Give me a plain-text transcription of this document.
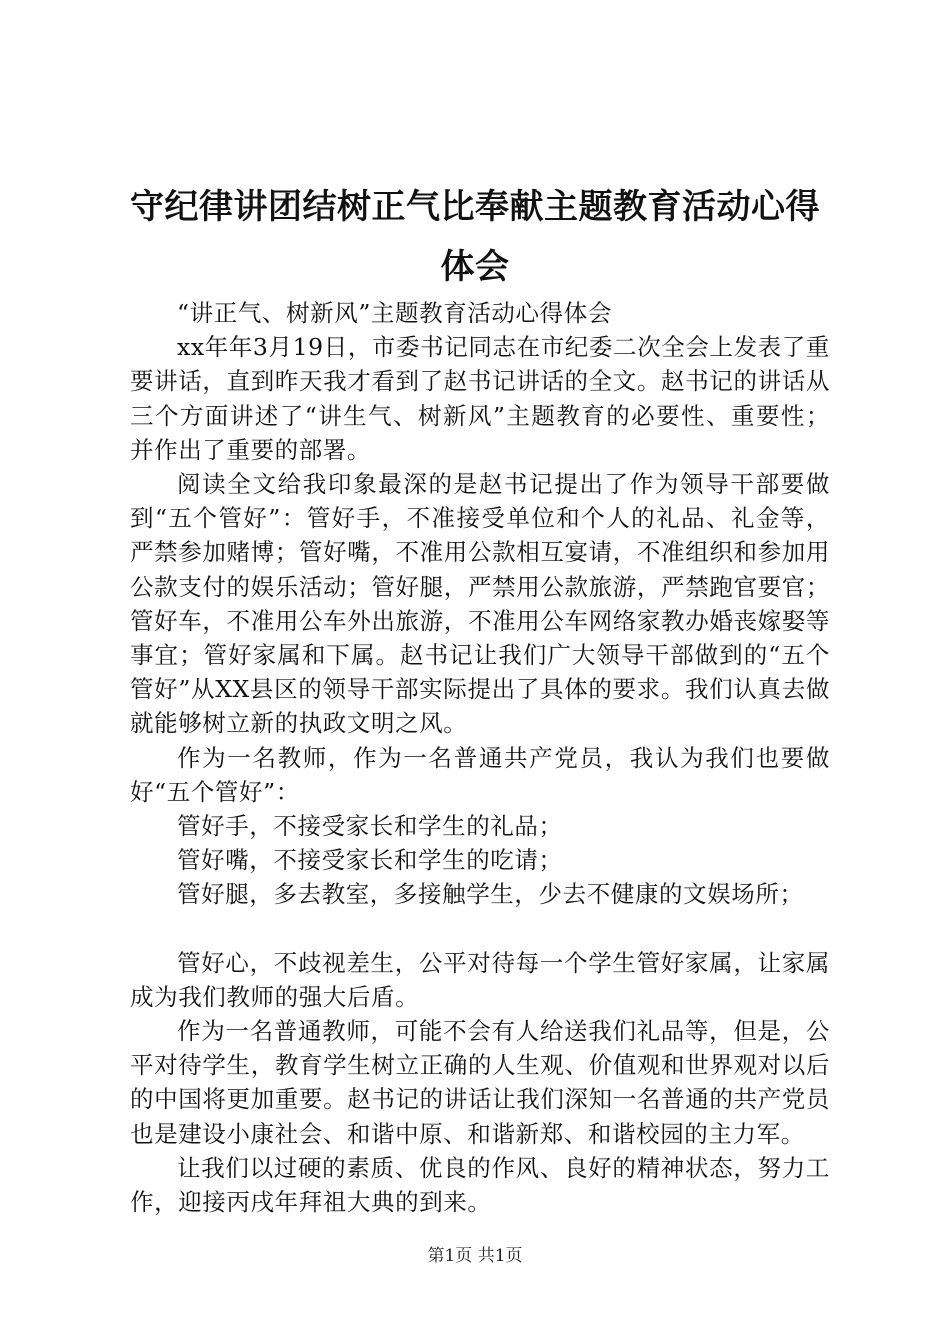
守纪律讲团结树正气比奉献主题教育活动心得
体会

“讲正气、树新风”主题教育活动心得体会

xx年年3月19日，市委书记同志在市纪委二次全会上发表了重要讲话，直到昨天我才看到了赵书记讲话的全文。赵书记的讲话从三个方面讲述了“讲生气、树新风”主题教育的必要性、重要性；并作出了重要的部署。

阅读全文给我印象最深的是赵书记提出了作为领导干部要做到“五个管好”：管好手，不准接受单位和个人的礼品、礼金等，严禁参加赌博；管好嘴，不准用公款相互宴请，不准组织和参加用公款支付的娱乐活动；管好腿，严禁用公款旅游，严禁跑官要官；管好车，不准用公车外出旅游，不准用公车网络家教办婚丧嫁娶等事宜；管好家属和下属。赵书记让我们广大领导干部做到的“五个管好”从XX县区的领导干部实际提出了具体的要求。我们认真去做就能够树立新的执政文明之风。

作为一名教师，作为一名普通共产党员，我认为我们也要做好“五个管好”：

管好手，不接受家长和学生的礼品；

管好嘴，不接受家长和学生的吃请；

管好腿，多去教室，多接触学生，少去不健康的文娱场所；

管好心，不歧视差生，公平对待每一个学生管好家属，让家属成为我们教师的强大后盾。

作为一名普通教师，可能不会有人给送我们礼品等，但是，公平对待学生，教育学生树立正确的人生观、价值观和世界观对以后的中国将更加重要。赵书记的讲话让我们深知一名普通的共产党员也是建设小康社会、和谐中原、和谐新郑、和谐校园的主力军。

让我们以过硬的素质、优良的作风、良好的精神状态，努力工作，迎接丙戌年拜祖大典的到来。

第1页 共1页
